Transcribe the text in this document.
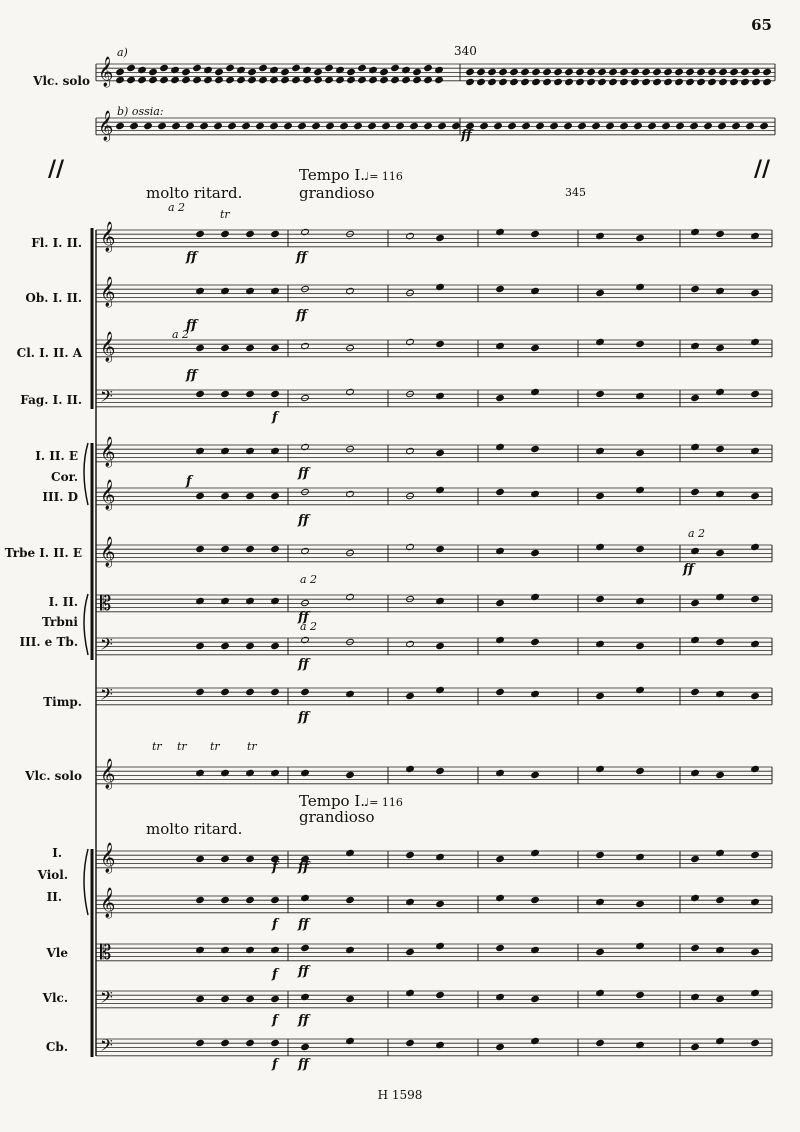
65
𝄞
𝄞
𝄞
𝄞
𝄞
𝄢
𝄞
𝄞
𝄞
𝄡
𝄢
𝄢
𝄞
𝄞
𝄞
𝄡
𝄢
𝄢
Vlc. solo
a)
b) ossia:
340
ff
//	//
molto ritard.
Tempo I.
♩= 116
grandioso	345
molto ritard.
Tempo I.
♩= 116
grandioso
Fl. I. II.
Ob. I. II.
Cl. I. II. A
Fag. I. II.
I. II. E
Cor.
III. D
Trbe I. II. E
I. II.
Trbni
III. e Tb.
Timp.
Vlc. solo
I.
Viol.
II.
Vle
Vlc.
Cb.
a 2
a 2
a 2
a 2
a 2
tr
tr tr tr tr
ff	ff
ff
ff
ff
f
f
ff
ff
ff
ff
ff
ff
f ff
f ff
f ff
f ff
f ff
H 1598
